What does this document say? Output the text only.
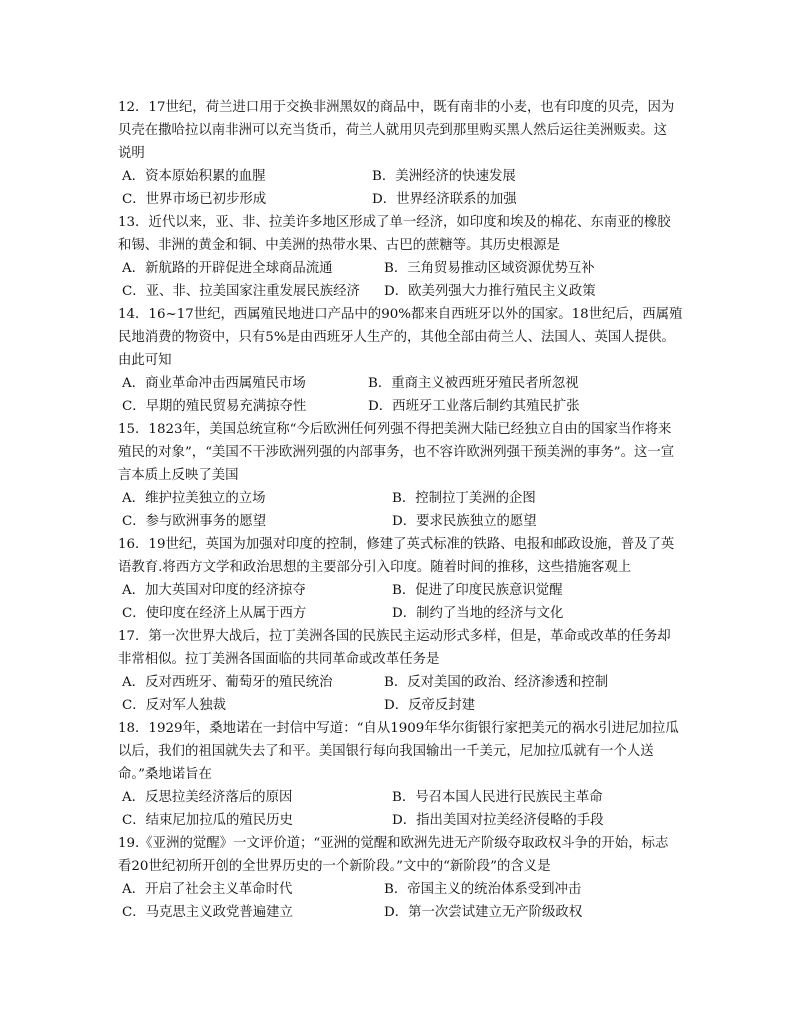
12．17世纪，荷兰进口用于交换非洲黑奴的商品中，既有南非的小麦，也有印度的贝壳，因为
贝壳在撒哈拉以南非洲可以充当货币，荷兰人就用贝壳到那里购买黑人然后运往美洲贩卖。这
说明
A．资本原始积累的血腥	B．美洲经济的快速发展
C．世界市场已初步形成	D．世界经济联系的加强
13．近代以来，亚、非、拉美许多地区形成了单一经济，如印度和埃及的棉花、东南亚的橡胶
和锡、非洲的黄金和铜、中美洲的热带水果、古巴的蔗糖等。其历史根源是
A．新航路的开辟促进全球商品流通	B．三角贸易推动区域资源优势互补
C．亚、非、拉美国家注重发展民族经济 D．欧美列强大力推行殖民主义政策
14．16~17世纪，西属殖民地进口产品中的90%都来自西班牙以外的国家。18世纪后，西属殖
民地消费的物资中，只有5%是由西班牙人生产的，其他全部由荷兰人、法国人、英国人提供。
由此可知
A．商业革命冲击西属殖民市场	B．重商主义被西班牙殖民者所忽视
C．早期的殖民贸易充满掠夺性	D．西班牙工业落后制约其殖民扩张
15．1823年，美国总统宣称“今后欧洲任何列强不得把美洲大陆已经独立自由的国家当作将来
殖民的对象”，“美国不干涉欧洲列强的内部事务，也不容许欧洲列强干预美洲的事务”。这一宣
言本质上反映了美国
A．维护拉美独立的立场	B．控制拉丁美洲的企图
C．参与欧洲事务的愿望	D．要求民族独立的愿望
16．19世纪，英国为加强对印度的控制，修建了英式标准的铁路、电报和邮政设施，普及了英
语教育.将西方文学和政治思想的主要部分引入印度。随着时间的推移，这些措施客观上
A．加大英国对印度的经济掠夺	B．促进了印度民族意识觉醒
C．使印度在经济上从属于西方	D．制约了当地的经济与文化
17．第一次世界大战后，拉丁美洲各国的民族民主运动形式多样，但是，革命或改革的任务却
非常相似。拉丁美洲各国面临的共同革命或改革任务是
A．反对西班牙、葡萄牙的殖民统治	B．反对美国的政治、经济渗透和控制
C．反对军人独裁	D．反帝反封建
18．1929年，桑地诺在一封信中写道：“自从1909年华尔街银行家把美元的祸水引进尼加拉瓜
以后，我们的祖国就失去了和平。美国银行每向我国输出一千美元，尼加拉瓜就有一个人送
命。”桑地诺旨在
A．反思拉美经济落后的原因	B．号召本国人民进行民族民主革命
C．结束尼加拉瓜的殖民历史	D．指出美国对拉美经济侵略的手段
19.《亚洲的觉醒》一文评价道；“亚洲的觉醒和欧洲先进无产阶级夺取政权斗争的开始，标志
看20世纪初所开创的全世界历史的一个新阶段。”文中的“新阶段”的含义是
A．开启了社会主义革命时代	B．帝国主义的统治体系受到冲击
C．马克思主义政党普遍建立	D．第一次尝试建立无产阶级政权
